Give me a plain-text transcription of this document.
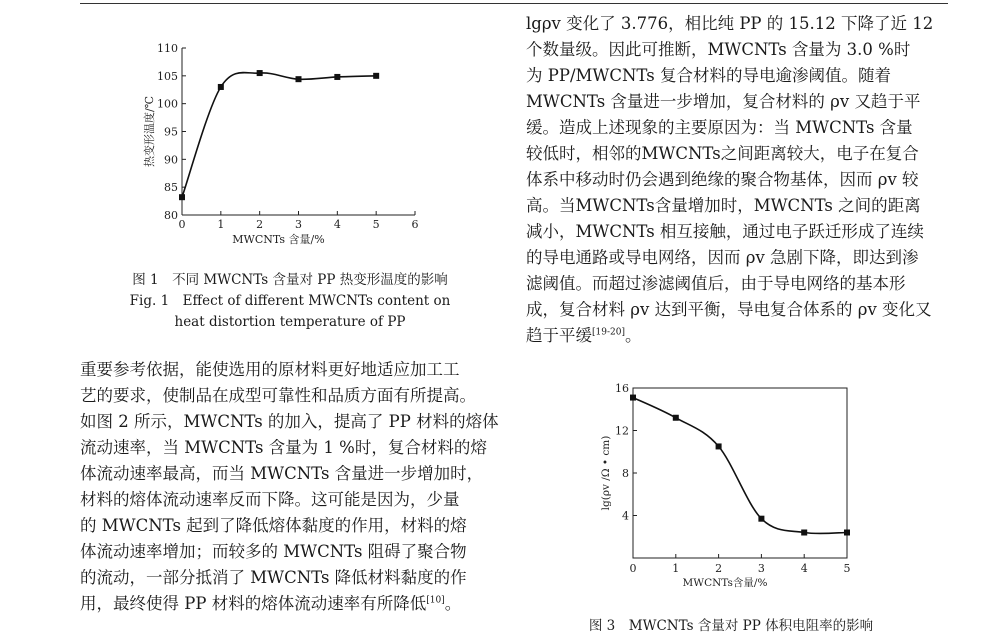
lgρv 变化了 3.776，相比纯 PP 的 15.12 下降了近 12

个数量级。因此可推断，MWCNTs 含量为 3.0 %时

为 PP/MWCNTs 复合材料的导电逾渗阈值。随着

MWCNTs 含量进一步增加，复合材料的 ρv 又趋于平

缓。造成上述现象的主要原因为：当 MWCNTs 含量

较低时，相邻的MWCNTs之间距离较大，电子在复合

体系中移动时仍会遇到绝缘的聚合物基体，因而 ρv 较

高。当MWCNTs含量增加时，MWCNTs 之间的距离

减小，MWCNTs 相互接触，通过电子跃迁形成了连续

的导电通路或导电网络，因而 ρv 急剧下降，即达到渗

滤阈值。而超过渗滤阈值后，由于导电网络的基本形

成，复合材料 ρv 达到平衡，导电复合体系的 ρv 变化又

趋于平缓[19-20]。

重要参考依据，能使选用的原材料更好地适应加工工

艺的要求，使制品在成型可靠性和品质方面有所提高。

如图 2 所示，MWCNTs 的加入，提高了 PP 材料的熔体

流动速率，当 MWCNTs 含量为 1 %时，复合材料的熔

体流动速率最高，而当 MWCNTs 含量进一步增加时，

材料的熔体流动速率反而下降。这可能是因为，少量

的 MWCNTs 起到了降低熔体黏度的作用，材料的熔

体流动速率增加；而较多的 MWCNTs 阻碍了聚合物

的流动，一部分抵消了 MWCNTs 降低材料黏度的作

用，最终使得 PP 材料的熔体流动速率有所降低[10]。

0	1	2	3	4	5	6
80
85
90
95
100
105
110
MWCNTs 含量/%
热变形温度/℃
图 1　不同 MWCNTs 含量对 PP 热变形温度的影响
Fig. 1　Effect of different MWCNTs content on
heat distortion temperature of PP
0	1	2	3	4	5
4
8
12
16
MWCNTs含量/%
lg(ρv /Ω • cm)
图 3　MWCNTs 含量对 PP 体积电阻率的影响
